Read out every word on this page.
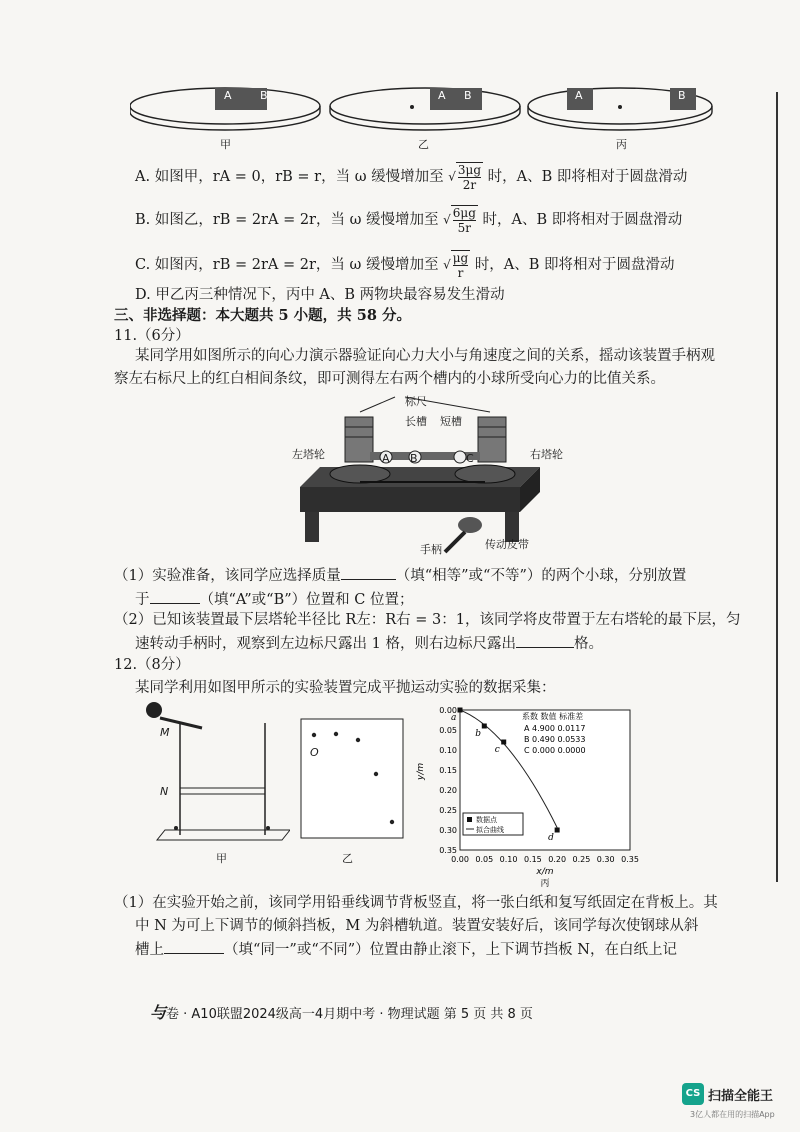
A	B	A B	A	B
甲	乙	丙
A. 如图甲，rA = 0，rB = r，当 ω 缓慢增加至 √ $\frac{3\mu g}{2r}$ 时，A、B 即将相对于圆盘滑动
B. 如图乙，rB = 2rA = 2r，当 ω 缓慢增加至 √ $\frac{6\mu g}{5r}$ 时，A、B 即将相对于圆盘滑动
C. 如图丙，rB = 2rA = 2r，当 ω 缓慢增加至 √ $\frac{\mu g}{r}$ 时，A、B 即将相对于圆盘滑动
D. 甲乙丙三种情况下，丙中 A、B 两物块最容易发生滑动
三、非选择题：本大题共 5 小题，共 58 分。
11.（6分）
某同学用如图所示的向心力演示器验证向心力大小与角速度之间的关系，摇动该装置手柄观
察左右标尺上的红白相间条纹，即可测得左右两个槽内的小球所受向心力的比值关系。
标尺
长槽 短槽
左塔轮	右塔轮
A B	C
手柄	传动皮带
（1）实验准备，该同学应选择质量	（填“相等”或“不等”）的两个小球，分别放置
于	（填“A”或“B”）位置和 C 位置；
（2）已知该装置最下层塔轮半径比 R左：R右 = 3：1，该同学将皮带置于左右塔轮的最下层，匀
速转动手柄时，观察到左边标尺露出 1 格，则右边标尺露出	格。
12.（8分）
某同学利用如图甲所示的实验装置完成平抛运动实验的数据采集：
M
N
甲
O
乙	0.00 0.05 0.10 0.15 0.20 0.25 0.30 0.35
0.00
0.05
0.10
0.15
0.20
0.25
0.30
0.35
x/m
y/m
a
b
c
d
系数 数值 标准差
A 4.900 0.0117
B 0.490 0.0533
C 0.000 0.0000
数据点
拟合曲线
丙
（1）在实验开始之前，该同学用铅垂线调节背板竖直，将一张白纸和复写纸固定在背板上。其
中 N 为可上下调节的倾斜挡板，M 为斜槽轨道。装置安装好后，该同学每次使钢球从斜
槽上	（填“同一”或“不同”）位置由静止滚下，上下调节挡板 N，在白纸上记
与卷 · A10联盟2024级高一4月期中考 · 物理试题 第 5 页 共 8 页
CS 扫描全能王
3亿人都在用的扫描App
